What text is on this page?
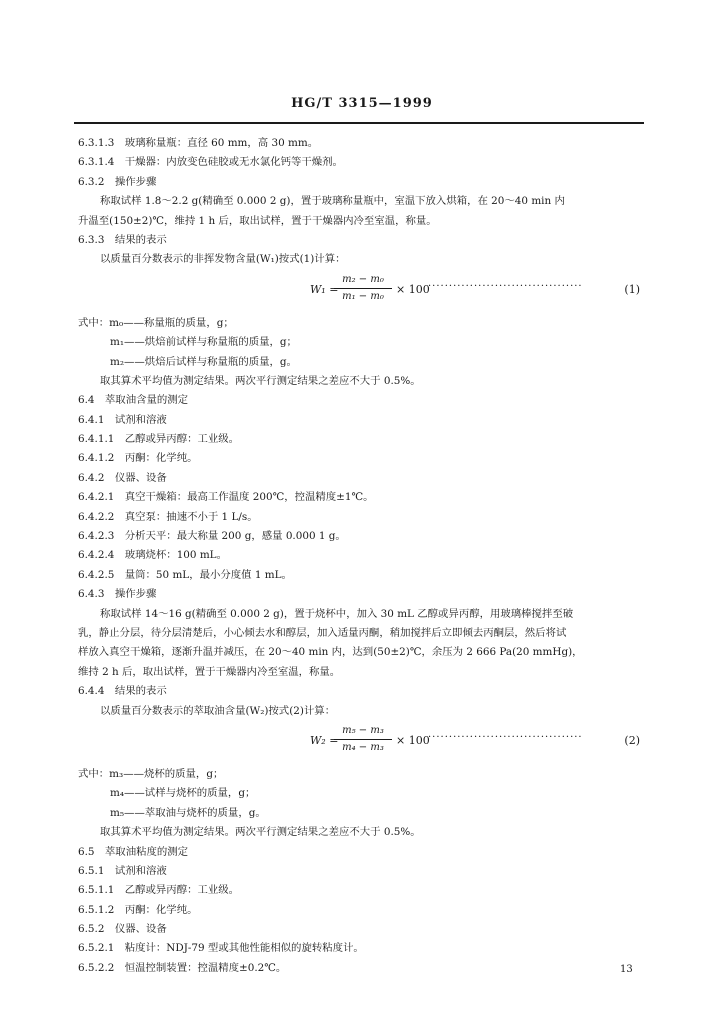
HG/T 3315—1999
6.3.1.3　玻璃称量瓶：直径 60 mm，高 30 mm。
6.3.1.4　干燥器：内放变色硅胶或无水氯化钙等干燥剂。
6.3.2　操作步骤
称取试样 1.8～2.2 g(精确至 0.000 2 g)，置于玻璃称量瓶中，室温下放入烘箱，在 20～40 min 内
升温至(150±2)℃，维持 1 h 后，取出试样，置于干燥器内冷至室温，称量。
6.3.3　结果的表示
以质量百分数表示的非挥发物含量(W₁)按式(1)计算：
W₁ =
$\frac{\text{m₂ − m₀}}{\text{m₁ − m₀}} \times 100$
·····································	(1)
式中：m₀——称量瓶的质量，g；
m₁——烘焙前试样与称量瓶的质量，g；
m₂——烘焙后试样与称量瓶的质量，g。
取其算术平均值为测定结果。两次平行测定结果之差应不大于 0.5%。
6.4　萃取油含量的测定
6.4.1　试剂和溶液
6.4.1.1　乙醇或异丙醇：工业级。
6.4.1.2　丙酮：化学纯。
6.4.2　仪器、设备
6.4.2.1　真空干燥箱：最高工作温度 200℃，控温精度±1℃。
6.4.2.2　真空泵：抽速不小于 1 L/s。
6.4.2.3　分析天平：最大称量 200 g，感量 0.000 1 g。
6.4.2.4　玻璃烧杯：100 mL。
6.4.2.5　量筒：50 mL，最小分度值 1 mL。
6.4.3　操作步骤
称取试样 14～16 g(精确至 0.000 2 g)，置于烧杯中，加入 30 mL 乙醇或异丙醇，用玻璃棒搅拌至破
乳，静止分层，待分层清楚后，小心倾去水和醇层，加入适量丙酮，稍加搅拌后立即倾去丙酮层，然后将试
样放入真空干燥箱，逐渐升温并减压，在 20～40 min 内，达到(50±2)℃，余压为 2 666 Pa(20 mmHg)，
维持 2 h 后，取出试样，置于干燥器内冷至室温，称量。
6.4.4　结果的表示
以质量百分数表示的萃取油含量(W₂)按式(2)计算：
W₂ =
$\frac{\text{m₅ − m₃}}{\text{m₄ − m₃}} \times 100$
·····································	(2)
式中：m₃——烧杯的质量，g；
m₄——试样与烧杯的质量，g；
m₅——萃取油与烧杯的质量，g。
取其算术平均值为测定结果。两次平行测定结果之差应不大于 0.5%。
6.5　萃取油粘度的测定
6.5.1　试剂和溶液
6.5.1.1　乙醇或异丙醇：工业级。
6.5.1.2　丙酮：化学纯。
6.5.2　仪器、设备
6.5.2.1　粘度计：NDJ-79 型或其他性能相似的旋转粘度计。
6.5.2.2　恒温控制装置：控温精度±0.2℃。	13
